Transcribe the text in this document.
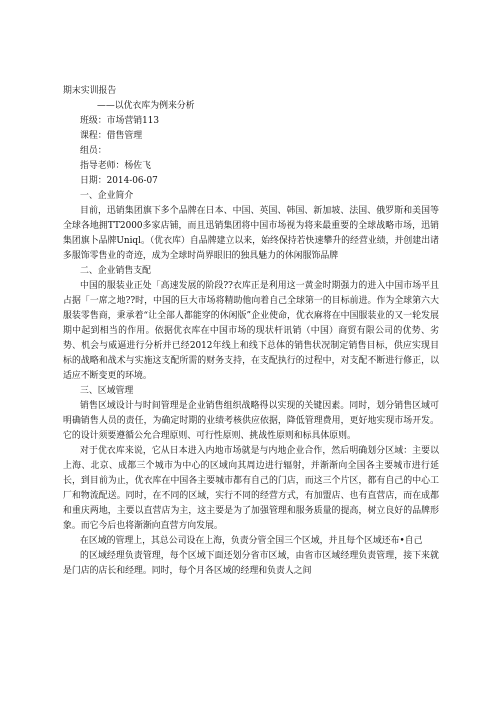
期末实训报告
——以优衣库为例来分析
班级：市场营销113
课程：借售管理
组员：
指导老师：杨佐飞
日期：2014-06-07
一、企业简介

目前，迅销集团旗下多个品牌在日本、中国、英国、韩国、新加坡、法国、俄罗斯和美国等全球各地拥TT2000多家店铺，而且迅销集团将中国市场视为将来最重要的全球战略市场，迅销集团旗卜品牌Uniql。（优衣库）自品牌建立以来，始终保持若快速攀升的经营业绩，并创建出诸多服饰零售业的奇迹，成为全球时尚界眼旧的独具魅力的休闲服饰品牌

二、企业销售支配

中国的服装业正处「高速发展的阶段??衣库正是利用这一黄金时期强力的进入中国市场平且占据「一席之地??时，中国的巨大市场将精助他向着自己全球第一的目标前进。作为全球第六大服装零售商，秉承着“让全部人都能穿的休闲版”企业使命，优衣麻将在中国服装业的又一轮发展期中起到相当的作用。依据优衣库在中国市场的现状杆讯销（中国）商贸有限公司的优势、劣势、机会与威逼进行分析并已经2012年线上和线下总体的销售状况制定销售目标，供应实现目标的战略和战术与实施这支配所需的财务支持，在支配执行的过程中，对支配不断进行修正，以适应不断变更的环境。

三、区域管理

销售区域设计与时间管理是企业销售组织战略得以实现的关键因素。同时，划分销售区域可明确销售人员的责任，为确定时期的业绩考核供应依据，降低管理费用，更好地实现市场开发。它的设计须要遵循公允合理原则、可行性原则、挑战性原则和标具体原则。

对于优衣库来说，它从日本进入内地市场就是与内地企业合作，然后明确划分区域：主要以上海、北京、成都三个城市为中心的区域向其周边进行辐射，并渐渐向全国各主要城市进行延长，到目前为止，优衣库在中国各主要城市都有自己的门店，而这三个片区，都有自己的中心工厂和物流配送。同时，在不同的区域，实行不同的经营方式，有加盟店、也有直营店，而在成都和重庆两地，主要以直营店为主，这主要是为了加强管理和服务质量的提高，树立良好的品牌形象。而它今后也将渐渐向直营方向发展。

在区域的管理上，其总公司设在上海，负责分管全国三个区域，并且每个区域还布•自己

的区域经理负责管理，每个区域下面还划分省市区域，由省市区域经理负责管理，接下来就是门店的店长和经理。同时，每个月各区域的经理和负责人之间
